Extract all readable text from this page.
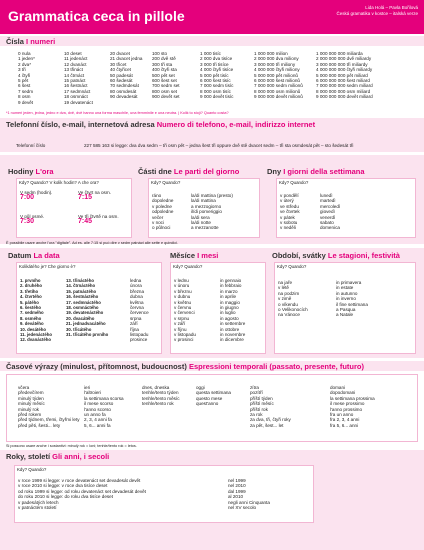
Grammatica ceca in pillole
Lida Holá – Pavla Bořilová
Česká gramatika v kostce – italská verze
Čísla I numeri
0 nula
1 jeden*
2 dva*
3 tři
4 čtyři
5 pět
6 šest
7 sedm
8 osm
9 devět
10 deset
11 jedenáct
12 dvanáct
13 třináct
14 čtrnáct
15 patnáct
16 šestnáct
17 sedmnáct
18 osmnáct
19 devatenáct
20 dvacet
21 dvacet jedna
30 třicet
40 čtyřicet
50 padesát
60 šedesát
70 sedmdesát
80 osmdesát
90 devadesát
100 sto
200 dvě stě
300 tři sta
400 čtyři sta
500 pět set
600 šest set
700 sedm set
800 osm set
900 devět set
1 000 tisíc
2 000 dva tisíce
3 000 tři tisíce
4 000 čtyři tisíce
5 000 pět tisíc
6 000 šest tisíc
7 000 sedm tisíc
8 000 osm tisíc
9 000 devět tisíc
1 000 000 milion
2 000 000 dva miliony
3 000 000 tři miliony
4 000 000 čtyři miliony
5 000 000 pět milionů
6 000 000 šest milionů
7 000 000 sedm milionů
8 000 000 osm milionů
9 000 000 devět milionů
1 000 000 000 miliarda
2 000 000 000 dvě miliardy
3 000 000 000 tři miliardy
4 000 000 000 čtyři miliardy
5 000 000 000 pět miliard
6 000 000 000 šest miliard
7 000 000 000 sedm miliard
8 000 000 000 osm miliard
9 000 000 000 devět miliard
*1 numeri jeden, jedna, jedno e dva, dvě, dvě hanno una forma maschile, una femminile e una neutra. | Kolik to stojí? Quanto costa?
Telefonní číslo, e-mail, internetová adresa Numero di telefono, e-mail, indirizzo internet

Telefonní číslo

	227 585 163 si legge: dva dva sedm – tři osm pět – jedna šest tři oppure dvě stě dvacet sedm – tři sta osmdesát pět – sto šedesát tři

Hodiny L'ora
Kdy? Quando? V kolik hodin? A che ora?
V sedm (hodin).
7:00
Ve čtvrt na osm.
7:15
V půl osmé.
7:30
Ve tři čtvrtě na osm.
7:45
Části dne Le parti del giorno
Kdy? Quando?
ráno
dopoledne
v poledne
odpoledne
večer
v noci
o půlnoci
la/di mattina (presto)
la/di mattina
a mezzogiorno
il/di pomeriggio
la/di sera
la/di notte
a mezzanotte
Dny I giorni della settimana
Kdy? Quando?
v pondělí
v úterý
ve středu
ve čtvrtek
v pátek
v sobotu
v neděli
lunedì
martedì
mercoledì
giovedì
venerdì
sabato
domenica
È possibile usare anche l'ora "digitale". Ad es. alle 7:15 si può dire v sedm patnáct alle sette e quindici.
Datum La data
Kolikátého je? Che giorno è?
1. prvního
2. druhého
3. třetího
4. čtvrtého
5. pátého
6. šestého
7. sedmého
8. osmého
9. devátého
10. desátého
11. jedenáctého
12. dvanáctého
13. třináctého
14. čtrnáctého
15. patnáctého
16. šestnáctého
17. sedmnáctého
18. osmnáctého
19. devatenáctého
20. dvacátého
21. jednadvacátého
30. třicátého
31. třicátého prvního
ledna
února
března
dubna
května
června
července
srpna
září
října
listopadu
prosince
Měsíce I mesi
Kdy? Quando?
v lednu
v únoru
v březnu
v dubnu
v květnu
v červnu
v červenci
v srpnu
v září
v říjnu
v listopadu
v prosinci
in gennaio
in febbraio
in marzo
in aprile
in maggio
in giugno
in luglio
in agosto
in settembre
in ottobre
in novembre
in dicembre
Období, svátky Le stagioni, festività
Kdy? Quando?
na jaře
v létě
na podzim
v zimě
o víkendu
o Velikonocích
na Vánoce
in primavera
in estate
in autunno
in inverno
il fine settimana
a Pasqua
a Natale
Časové výrazy (minulost, přítomnost, budoucnost) Espressioni temporali (passato, presente, futuro)
včera
předevčírem
minulý týden
minulý měsíc
minulý rok
před rokem
před týdnem, třemi, čtyřmi lety
před pěti, šesti... lety
ieri
l'altroieri
la settimana scorsa
il mese scorso
l'anno scorso
un anno fa
2, 3, 4 anni fa
5, 6... anni fa
dnes, dneska
tenhle/tento týden
tenhle/tento měsíc
tenhle/tento rok
oggi
questa settimana
questo mese
quest'anno
zítra
pozítří
příští týden
příští měsíc
příští rok
za rok
za dva, tři, čtyři roky
za pět, šest... let
domani
dopodomani
la settimana prossima
il mese prossimo
l'anno prossimo
fra un anno
fra 2, 3, 4 anni
fra 5, 6... anni
Si possono usare anche i sostantivi: minulý rok = loni; tenhle/tento rok = letos.
Roky, století Gli anni, i secoli
Kdy? Quando?
v roce 1999 si legge: v roce devatenáct set devadesát devět
v roce 2010 si legge: v roce dva tisíce deset
od roku 1999 si legge: od roku devatenáct set devadesát devět
do roku 2010 si legge: do roku dva tisíce deset
v padesátých letech
v patnáctém století
nel 1999
nel 2010
dal 1999
al 2010
negli anni Cinquanta
nel XV secolo
